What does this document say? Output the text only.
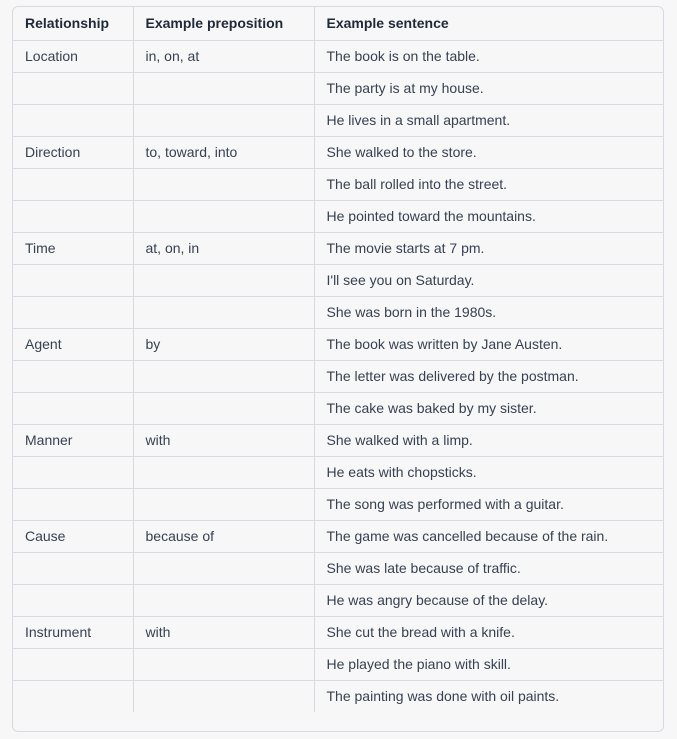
Relationship	Example preposition	Example sentence
Location	in, on, at	The book is on the table.
		The party is at my house.
		He lives in a small apartment.
Direction	to, toward, into	She walked to the store.
		The ball rolled into the street.
		He pointed toward the mountains.
Time	at, on, in	The movie starts at 7 pm.
		I'll see you on Saturday.
		She was born in the 1980s.
Agent	by	The book was written by Jane Austen.
		The letter was delivered by the postman.
		The cake was baked by my sister.
Manner	with	She walked with a limp.
		He eats with chopsticks.
		The song was performed with a guitar.
Cause	because of	The game was cancelled because of the rain.
		She was late because of traffic.
		He was angry because of the delay.
Instrument	with	She cut the bread with a knife.
		He played the piano with skill.
		The painting was done with oil paints.
